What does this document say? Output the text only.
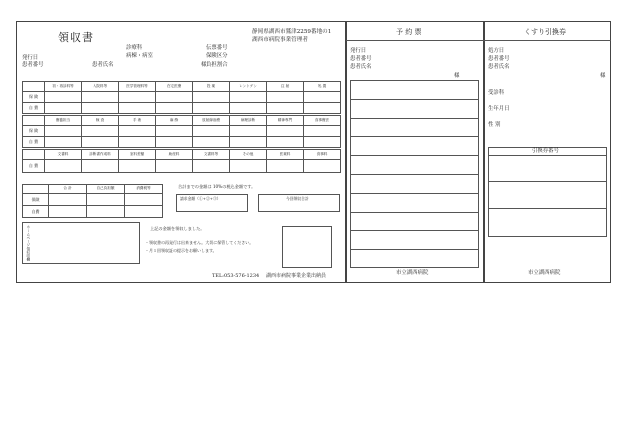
領収書	静岡県湖西市鷲津2259番地の1
湖西市病院事業管理者
診療科
病棟・病室
伝票番号
保険区分
負担割合
発行日
患者番号	患者氏名	様
	初・再診料等	入院料等	医学管理料等	在宅医療	投 薬	レントゲン	注 射	処 置
保 険								
自 費								
	療養担当	検 査	手 術	麻 酔	放射線治療	病理診断	精神専門	食事療法
保 険								
自 費								
	文書料	診断書作成料	室料差額	助産料	文書料等	その他	医薬料	食事料
自 費								
	合 計	自己負担額	消費税等
保険			
自費			
合計までの金額は 10%の税込金額です。
請求金額（①+②+③）	今回領収合計
ホームページ領収印欄	上記の金額を領収しました。
・領収書の再発行は出来ません。大切に保管してください。
・月１回領収証の提示をお願いします。
TEL:053-576-1234 湖西市病院事業企業出納員
予 約 票
発行日
患者番号
患者氏名
様
市立湖西病院
くすり引換券
処方日
患者番号
患者氏名
様
受診科
生年月日
性 別
引換券番号
市立湖西病院
